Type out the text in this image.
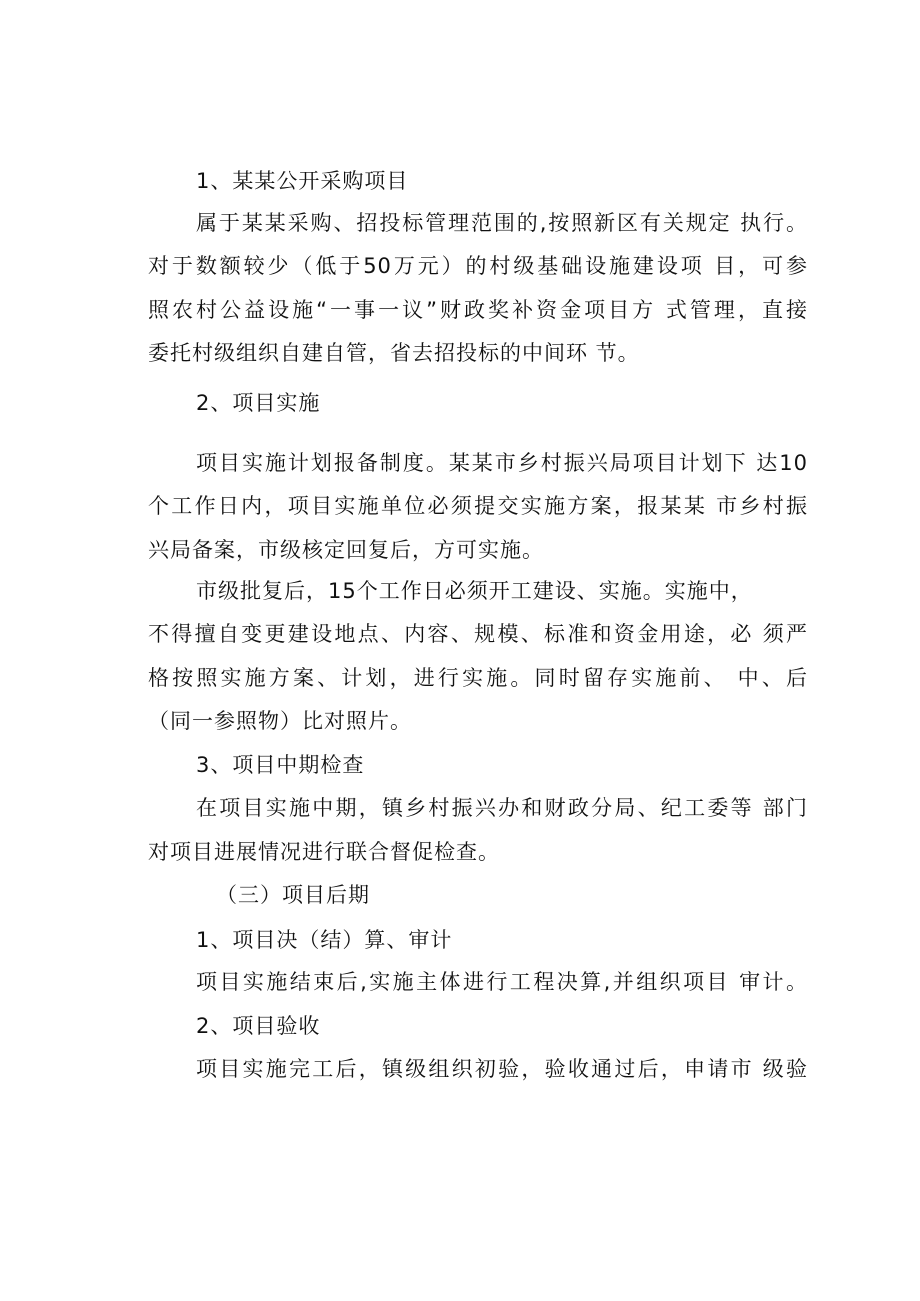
1、某某公开采购项目
属于某某采购、招投标管理范围的,按照新区有关规定 执行。
对于数额较少（低于50万元）的村级基础设施建设项 目，可参
照农村公益设施“一事一议”财政奖补资金项目方 式管理，直接
委托村级组织自建自管，省去招投标的中间环 节。
2、项目实施
项目实施计划报备制度。某某市乡村振兴局项目计划下 达10
个工作日内，项目实施单位必须提交实施方案，报某某 市乡村振
兴局备案，市级核定回复后，方可实施。
市级批复后，15个工作日必须开工建设、实施。实施中，
不得擅自变更建设地点、内容、规模、标准和资金用途，必 须严
格按照实施方案、计划，进行实施。同时留存实施前、 中、后
（同一参照物）比对照片。
3、项目中期检查
在项目实施中期，镇乡村振兴办和财政分局、纪工委等 部门
对项目进展情况进行联合督促检查。
（三）项目后期
1、项目决（结）算、审计
项目实施结束后,实施主体进行工程决算,并组织项目 审计。
2、项目验收
项目实施完工后，镇级组织初验，验收通过后，申请市 级验
